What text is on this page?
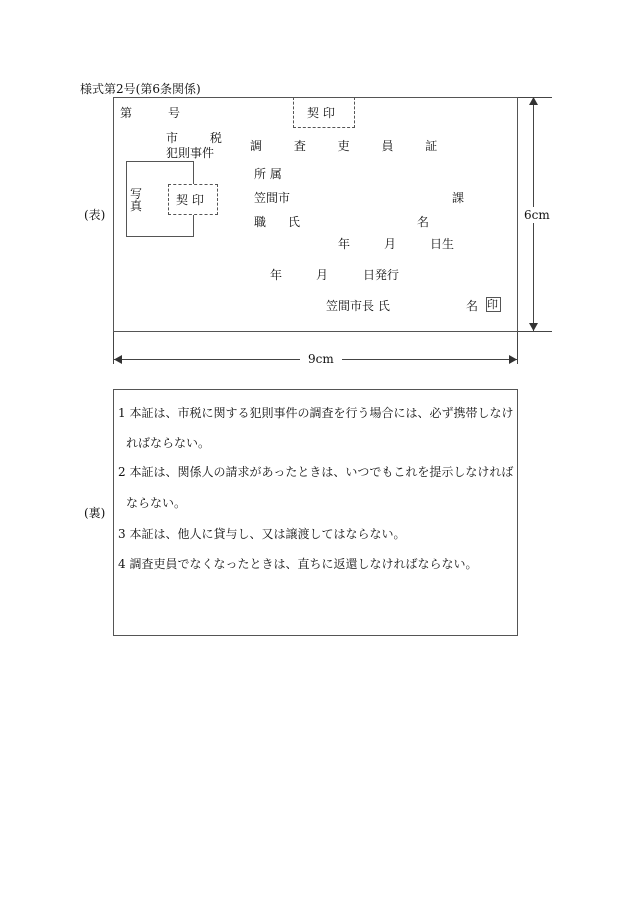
様式第2号(第6条関係)
(表)
第	号	契 印
市 税
犯則事件	調 査 吏 員 証
写
真	契 印
所 属
笠間市	課
職 氏	名
年	月	日生
年	月	日発行
笠間市長 氏	名 印
6cm
9cm
(裏)
1 本証は、市税に関する犯則事件の調査を行う場合には、必ず携帯しなけ
ればならない。
2 本証は、関係人の請求があったときは、いつでもこれを提示しなければ
ならない。
3 本証は、他人に貸与し、又は譲渡してはならない。
4 調査吏員でなくなったときは、直ちに返還しなければならない。
